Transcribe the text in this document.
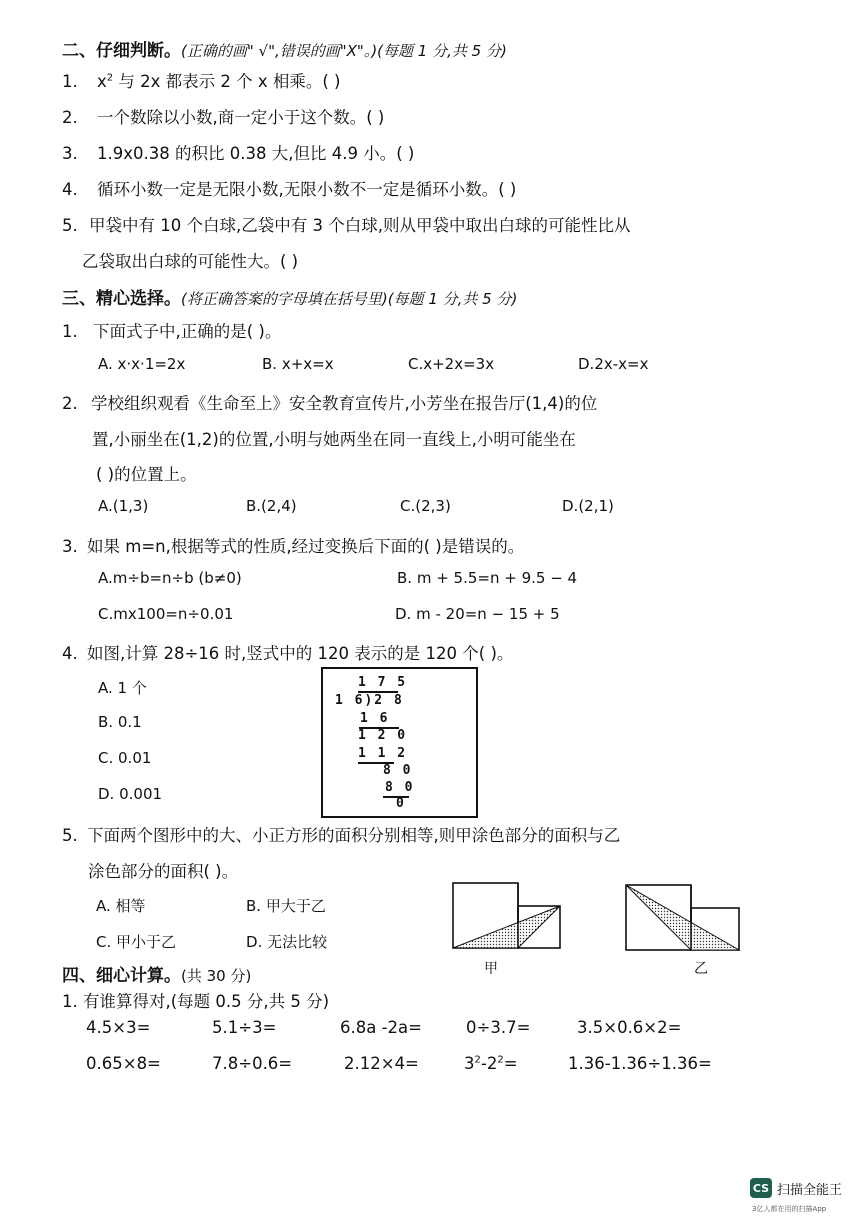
二、仔细判断。(正确的画" √",错误的画"X"。)(每题 1 分,共 5 分)
1. $x^2$ 与 2x 都表示 2 个 x 相乘。( )
2. 一个数除以小数,商一定小于这个数。( )
3. 1.9x0.38 的积比 0.38 大,但比 4.9 小。( )
4. 循环小数一定是无限小数,无限小数不一定是循环小数。( )
5. 甲袋中有 10 个白球,乙袋中有 3 个白球,则从甲袋中取出白球的可能性比从
乙袋取出白球的可能性大。( )
三、精心选择。(将正确答案的字母填在括号里)(每题 1 分,共 5 分)
1. 下面式子中,正确的是( )。
A. x·x·1=2x	B. x+x=x	C.x+2x=3x	D.2x-x=x
2. 学校组织观看《生命至上》安全教育宣传片,小芳坐在报告厅(1,4)的位
置,小丽坐在(1,2)的位置,小明与她两坐在同一直线上,小明可能坐在
( )的位置上。
A.(1,3)	B.(2,4)	C.(2,3)	D.(2,1)
3. 如果 m=n,根据等式的性质,经过变换后下面的( )是错误的。
A.m÷b=n÷b (b≠0)	B. m + 5.5=n + 9.5 − 4
C.mx100=n÷0.01	D. m - 20=n − 15 + 5
4. 如图,计算 28÷16 时,竖式中的 120 表示的是 120 个( )。
A. 1 个
B. 0.1
C. 0.01
D. 0.001
1 7 5
1 6)2 8
1 6
1 2 0
1 1 2
8 0
8 0
0
5. 下面两个图形中的大、小正方形的面积分别相等,则甲涂色部分的面积与乙
涂色部分的面积( )。
A. 相等	B. 甲大于乙
C. 甲小于乙	D. 无法比较
甲	乙
四、细心计算。(共 30 分)
1. 有谁算得对,(每题 0.5 分,共 5 分)
4.5×3=	5.1÷3=	6.8a -2a=	0÷3.7=	3.5×0.6×2=
0.65×8=	7.8÷0.6=	2.12×4=	$3^2-2^2=$	1.36-1.36÷1.36=
CS 扫描全能王
3亿人都在用的扫描App
